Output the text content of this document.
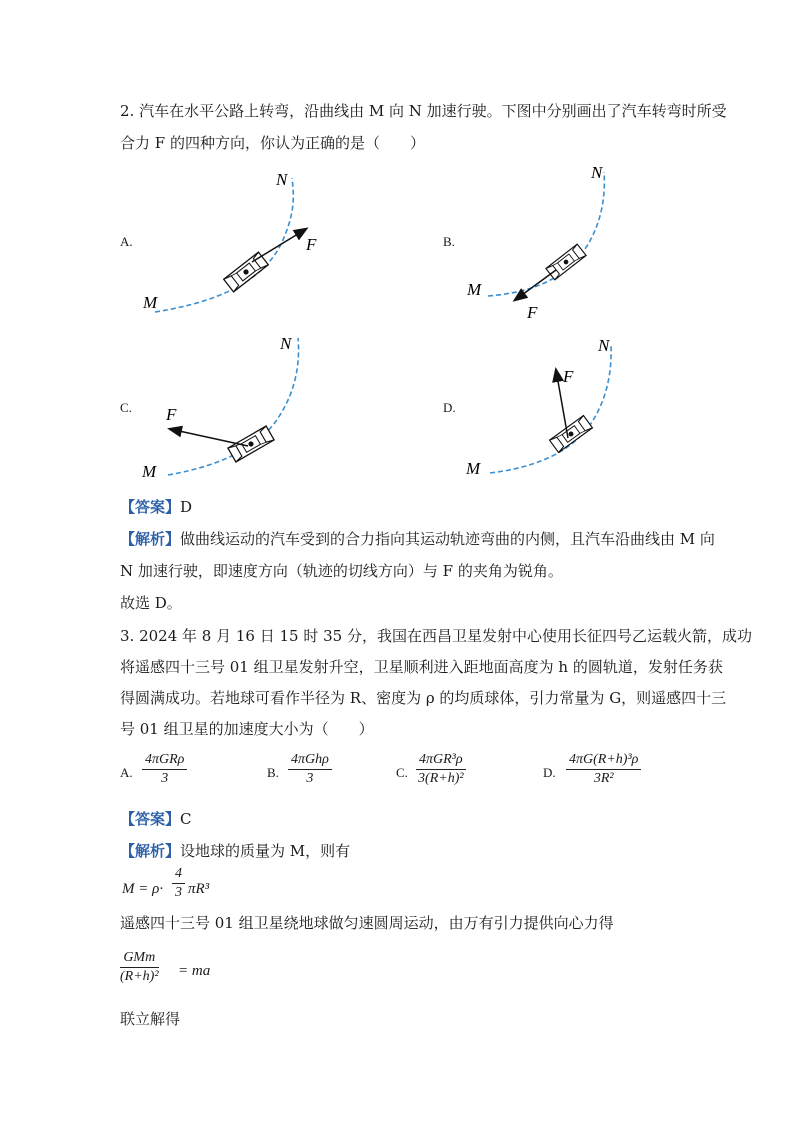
2. 汽车在水平公路上转弯，沿曲线由 M 向 N 加速行驶。下图中分别画出了汽车转弯时所受
合力 F 的四种方向，你认为正确的是（　　）
A.	B.
C.	D.
M
N
F
M
N
F
M
N
F
M
N
F
【答案】D
【解析】做曲线运动的汽车受到的合力指向其运动轨迹弯曲的内侧，且汽车沿曲线由 M 向
N 加速行驶，即速度方向（轨迹的切线方向）与 F 的夹角为锐角。
故选 D。
3. 2024 年 8 月 16 日 15 时 35 分，我国在西昌卫星发射中心使用长征四号乙运载火箭，成功
将遥感四十三号 01 组卫星发射升空，卫星顺利进入距地面高度为 h 的圆轨道，发射任务获
得圆满成功。若地球可看作半径为 R、密度为 ρ 的均质球体，引力常量为 G，则遥感四十三
号 01 组卫星的加速度大小为（　　）
A.
4πGRρ
3	B.
4πGhρ
3	C.
4πGR³ρ
3(R+h)²	D. $\frac{\text{4πG(R+h)³ρ}}{\text{3R²}}$
【答案】C
【解析】设地球的质量为 M，则有
$M = \rho\cdot \frac{4}{3} \pi R^3$
遥感四十三号 01 组卫星绕地球做匀速圆周运动，由万有引力提供向心力得
GMm
(R+h)² = ma
联立解得
